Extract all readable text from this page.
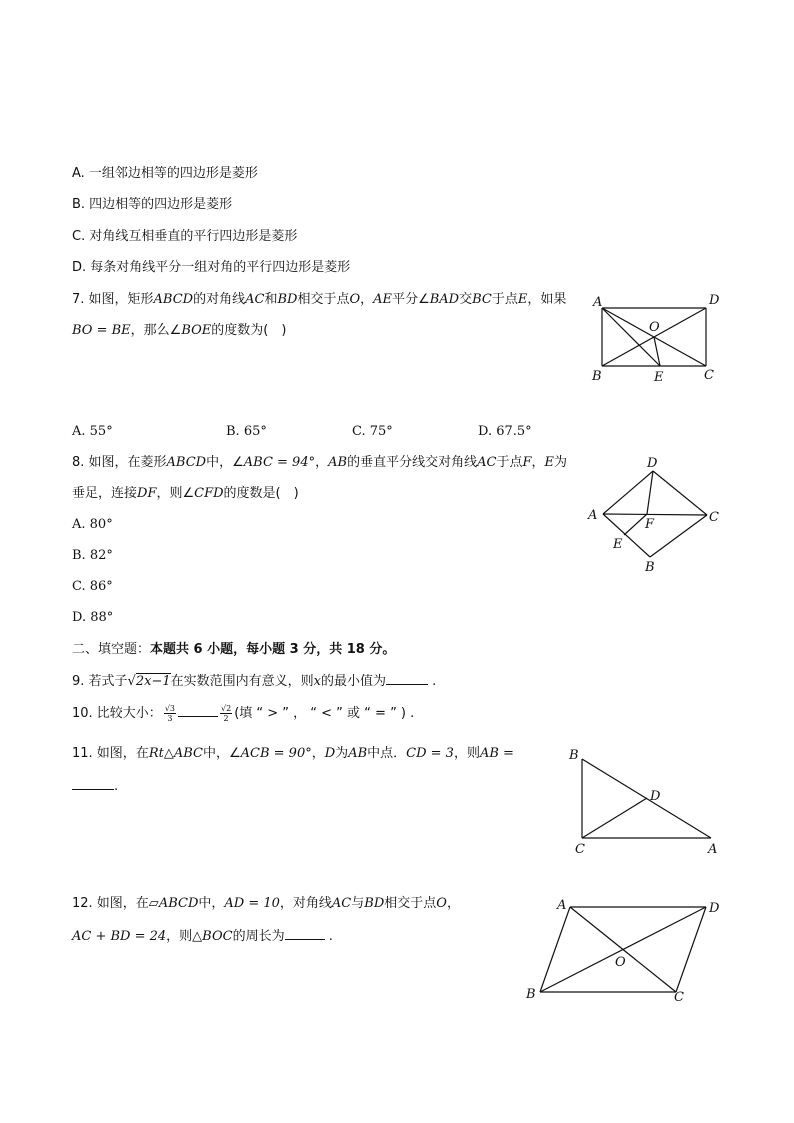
A. 一组邻边相等的四边形是菱形
B. 四边相等的四边形是菱形
C. 对角线互相垂直的平行四边形是菱形
D. 每条对角线平分一组对角的平行四边形是菱形
7. 如图，矩形ABCD的对角线AC和BD相交于点O，AE平分∠BAD交BC于点E，如果
BO = BE，那么∠BOE的度数为(　)
A	D
O
B	E	C
A. 55°	B. 65°	C. 75°	D. 67.5°
8. 如图，在菱形ABCD中，∠ABC = 94°，AB的垂直平分线交对角线AC于点F，E为
垂足，连接DF，则∠CFD的度数是(　)
D
A	C
F
E
B
A. 80°
B. 82°
C. 86°
D. 88°
二、填空题：本题共 6 小题，每小题 3 分，共 18 分。
9. 若式子√2x−1在实数范围内有意义，则x的最小值为	.
10. 比较大小： $\frac{√3}{3}$	$\frac{√2}{2}$ (填 “ > ” ， “ < ” 或 “ = ” ) .
11. 如图，在Rt△ABC中，∠ACB = 90°，D为AB中点．CD = 3，则AB =
.
B
D
C	A
12. 如图，在▱ABCD中，AD = 10，对角线AC与BD相交于点O，
AC + BD = 24，则△BOC的周长为	.
A	D
O
B	C
